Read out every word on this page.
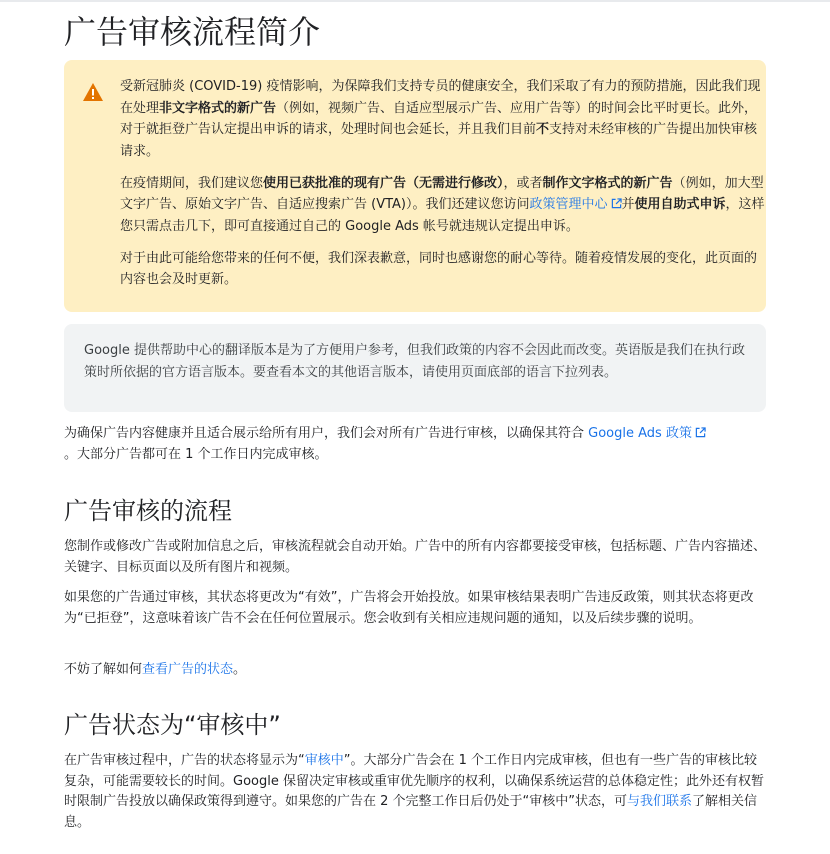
广告审核流程简介

受新冠肺炎 (COVID-19) 疫情影响，为保障我们支持专员的健康安全，我们采取了有力的预防措施，因此我们现在处理非文字格式的新广告（例如，视频广告、自适应型展示广告、应用广告等）的时间会比平时更长。此外，对于就拒登广告认定提出申诉的请求，处理时间也会延长，并且我们目前不支持对未经审核的广告提出加快审核请求。

在疫情期间，我们建议您使用已获批准的现有广告（无需进行修改），或者制作文字格式的新广告（例如，加大型文字广告、原始文字广告、自适应搜索广告 (VTA)）。我们还建议您访问政策管理中心 并使用自助式申诉，这样您只需点击几下，即可直接通过自己的 Google Ads 帐号就违规认定提出申诉。

对于由此可能给您带来的任何不便，我们深表歉意，同时也感谢您的耐心等待。随着疫情发展的变化，此页面的内容也会及时更新。

Google 提供帮助中心的翻译版本是为了方便用户参考，但我们政策的内容不会因此而改变。英语版是我们在执行政策时所依据的官方语言版本。要查看本文的其他语言版本，请使用页面底部的语言下拉列表。

为确保广告内容健康并且适合展示给所有用户，我们会对所有广告进行审核，以确保其符合 Google Ads 政策
。大部分广告都可在 1 个工作日内完成审核。

广告审核的流程

您制作或修改广告或附加信息之后，审核流程就会自动开始。广告中的所有内容都要接受审核，包括标题、广告内容描述、关键字、目标页面以及所有图片和视频。

如果您的广告通过审核，其状态将更改为“有效”，广告将会开始投放。如果审核结果表明广告违反政策，则其状态将更改为“已拒登”，这意味着该广告不会在任何位置展示。您会收到有关相应违规问题的通知，以及后续步骤的说明。

不妨了解如何查看广告的状态。

广告状态为“审核中”

在广告审核过程中，广告的状态将显示为“审核中”。大部分广告会在 1 个工作日内完成审核，但也有一些广告的审核比较复杂，可能需要较长的时间。Google 保留决定审核或重审优先顺序的权利，以确保系统运营的总体稳定性；此外还有权暂时限制广告投放以确保政策得到遵守。如果您的广告在 2 个完整工作日后仍处于“审核中”状态，可与我们联系了解相关信息。
